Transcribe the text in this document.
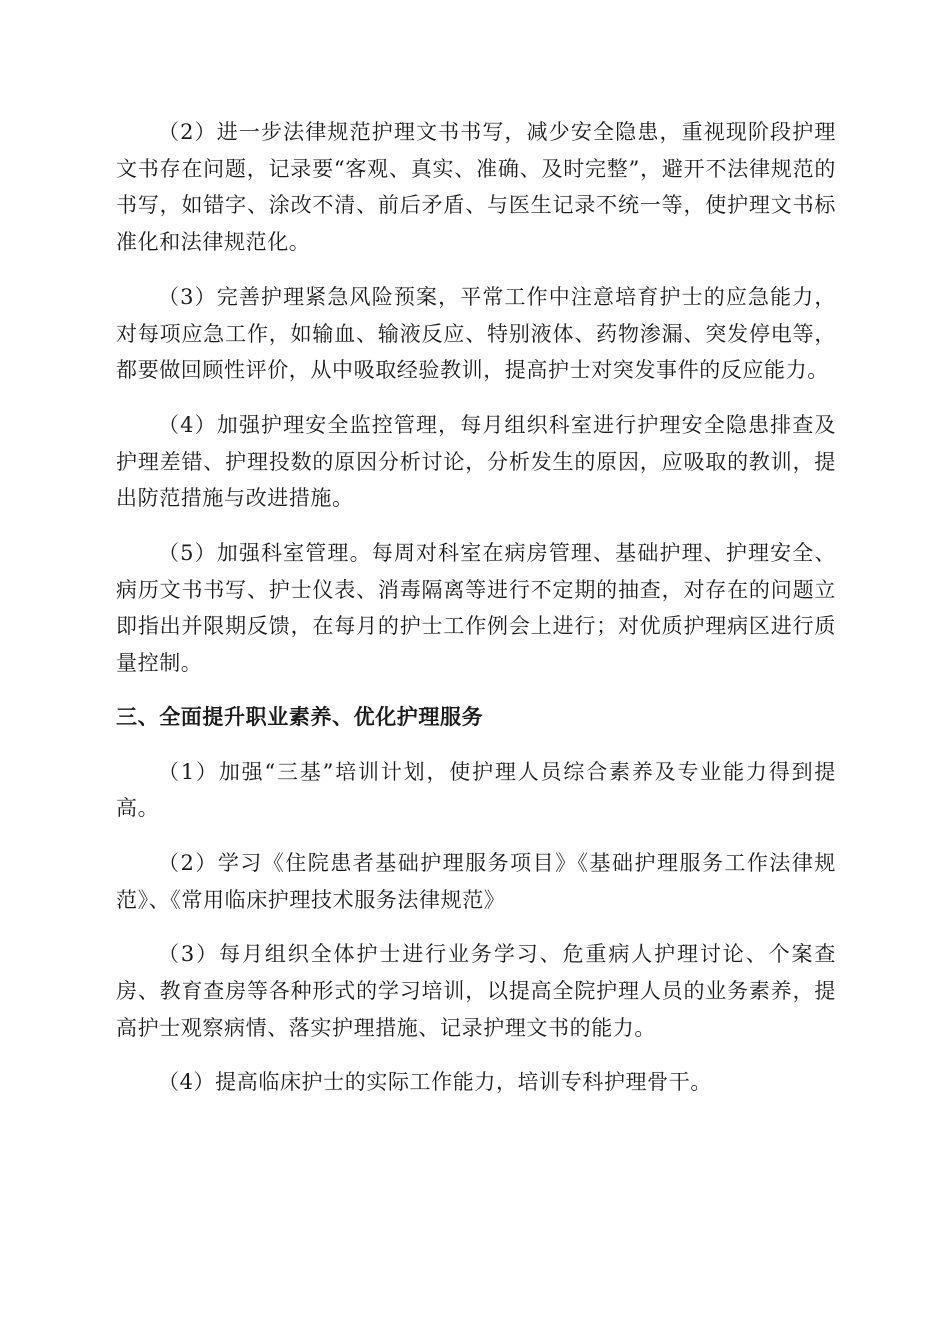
（2）进一步法律规范护理文书书写，减少安全隐患，重视现阶段护理文书存在问题，记录要“客观、真实、准确、及时完整”，避开不法律规范的书写，如错字、涂改不清、前后矛盾、与医生记录不统一等，使护理文书标准化和法律规范化。

（3）完善护理紧急风险预案，平常工作中注意培育护士的应急能力，对每项应急工作，如输血、输液反应、特别液体、药物渗漏、突发停电等，都要做回顾性评价，从中吸取经验教训，提高护士对突发事件的反应能力。

（4）加强护理安全监控管理，每月组织科室进行护理安全隐患排查及护理差错、护理投数的原因分析讨论，分析发生的原因，应吸取的教训，提出防范措施与改进措施。

（5）加强科室管理。每周对科室在病房管理、基础护理、护理安全、病历文书书写、护士仪表、消毒隔离等进行不定期的抽查，对存在的问题立即指出并限期反馈，在每月的护士工作例会上进行；对优质护理病区进行质量控制。

三、全面提升职业素养、优化护理服务

（1）加强“三基”培训计划，使护理人员综合素养及专业能力得到提高。

（2）学习《住院患者基础护理服务项目》《基础护理服务工作法律规范》、《常用临床护理技术服务法律规范》

（3）每月组织全体护士进行业务学习、危重病人护理讨论、个案查房、教育查房等各种形式的学习培训，以提高全院护理人员的业务素养，提高护士观察病情、落实护理措施、记录护理文书的能力。

（4）提高临床护士的实际工作能力，培训专科护理骨干。
